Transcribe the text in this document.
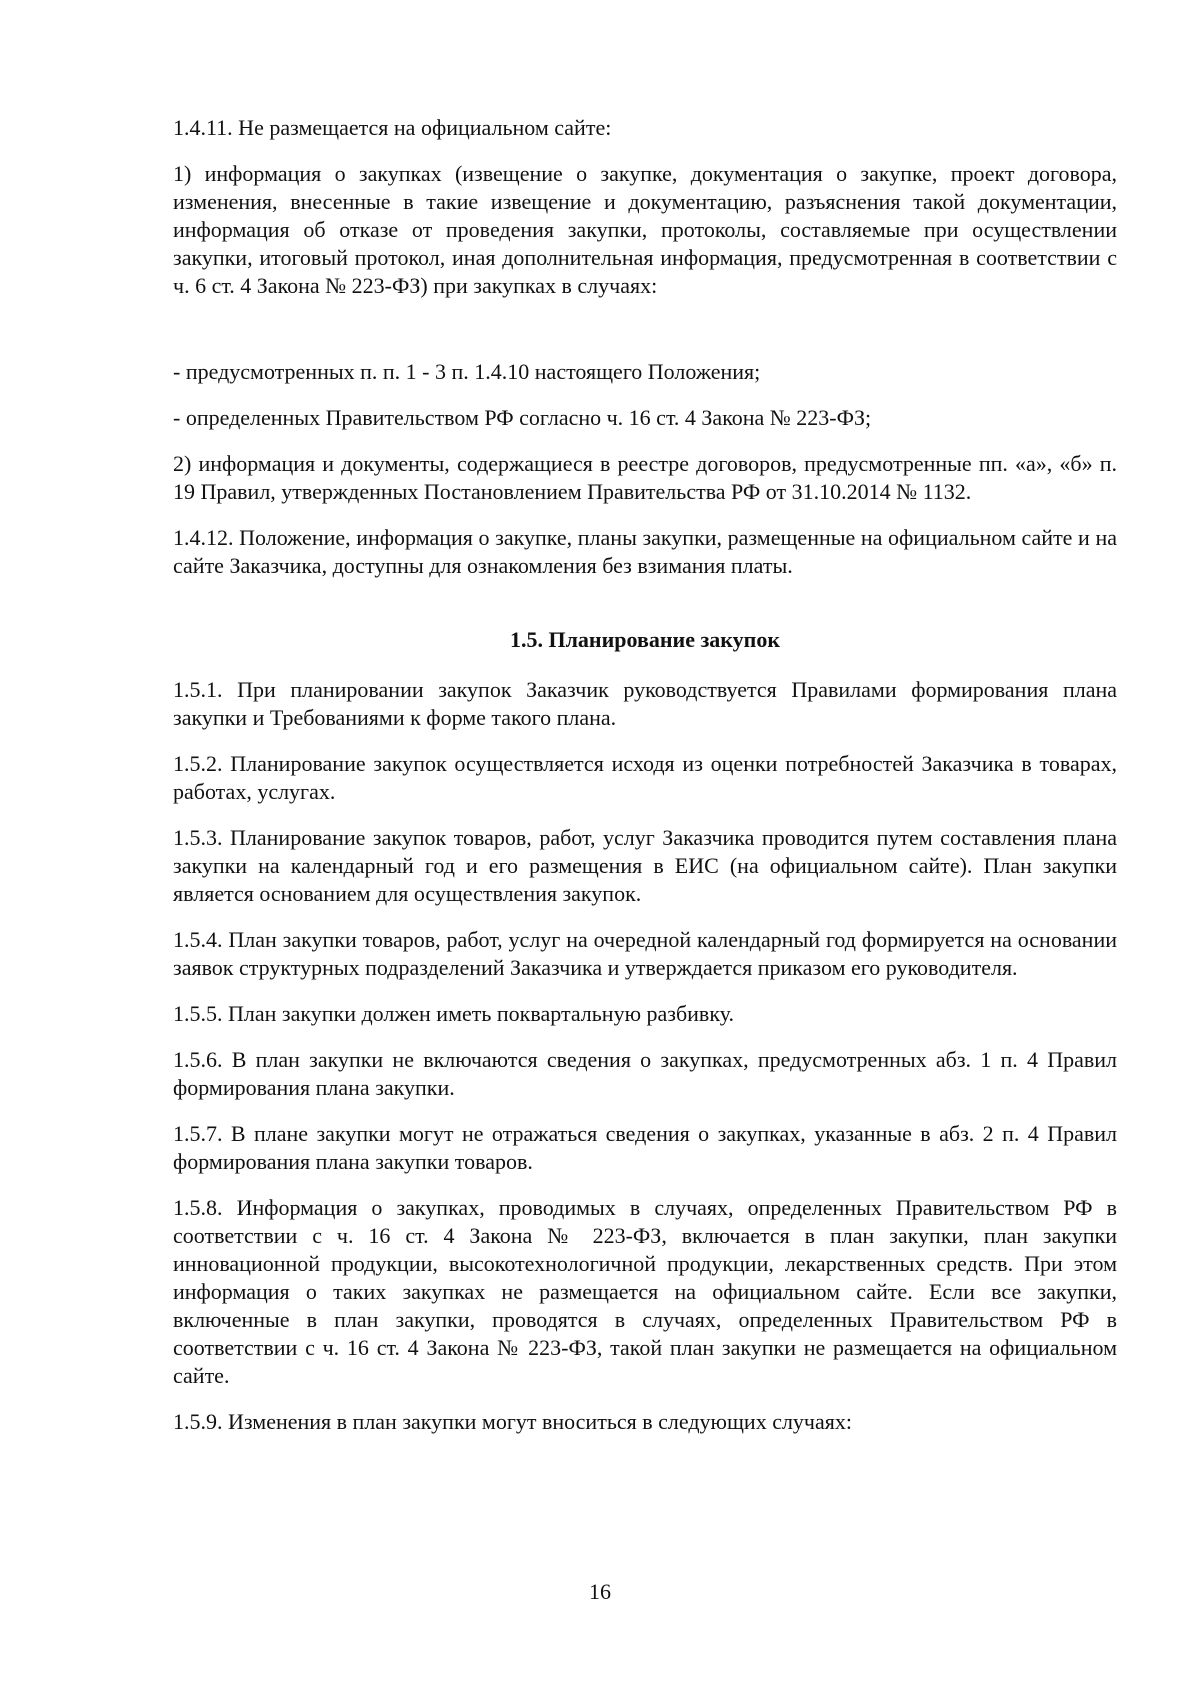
1.4.11. Не размещается на официальном сайте:

1) информация о закупках (извещение о закупке, документация о закупке, проект договора, изменения, внесенные в такие извещение и документацию, разъяснения такой документации, информация об отказе от проведения закупки, протоколы, составляемые при осуществлении закупки, итоговый протокол, иная дополнительная информация, предусмотренная в соответствии с ч. 6 ст. 4 Закона № 223-ФЗ) при закупках в случаях:

- предусмотренных п. п. 1 - 3 п. 1.4.10 настоящего Положения;

- определенных Правительством РФ согласно ч. 16 ст. 4 Закона № 223-ФЗ;

2) информация и документы, содержащиеся в реестре договоров, предусмотренные пп. «а», «б» п. 19 Правил, утвержденных Постановлением Правительства РФ от 31.10.2014 № 1132.

1.4.12. Положение, информация о закупке, планы закупки, размещенные на официальном сайте и на сайте Заказчика, доступны для ознакомления без взимания платы.

1.5. Планирование закупок

1.5.1. При планировании закупок Заказчик руководствуется Правилами формирования плана закупки и Требованиями к форме такого плана.

1.5.2. Планирование закупок осуществляется исходя из оценки потребностей Заказчика в товарах, работах, услугах.

1.5.3. Планирование закупок товаров, работ, услуг Заказчика проводится путем составления плана закупки на календарный год и его размещения в ЕИС (на официальном сайте). План закупки является основанием для осуществления закупок.

1.5.4. План закупки товаров, работ, услуг на очередной календарный год формируется на основании заявок структурных подразделений Заказчика и утверждается приказом его руководителя.

1.5.5. План закупки должен иметь поквартальную разбивку.

1.5.6. В план закупки не включаются сведения о закупках, предусмотренных абз. 1 п. 4 Правил формирования плана закупки.

1.5.7. В плане закупки могут не отражаться сведения о закупках, указанные в абз. 2 п. 4 Правил формирования плана закупки товаров.

1.5.8. Информация о закупках, проводимых в случаях, определенных Правительством РФ в соответствии с ч. 16 ст. 4 Закона № 223-ФЗ, включается в план закупки, план закупки инновационной продукции, высокотехнологичной продукции, лекарственных средств. При этом информация о таких закупках не размещается на официальном сайте. Если все закупки, включенные в план закупки, проводятся в случаях, определенных Правительством РФ в соответствии с ч. 16 ст. 4 Закона № 223-ФЗ, такой план закупки не размещается на официальном сайте.

1.5.9. Изменения в план закупки могут вноситься в следующих случаях:

16
